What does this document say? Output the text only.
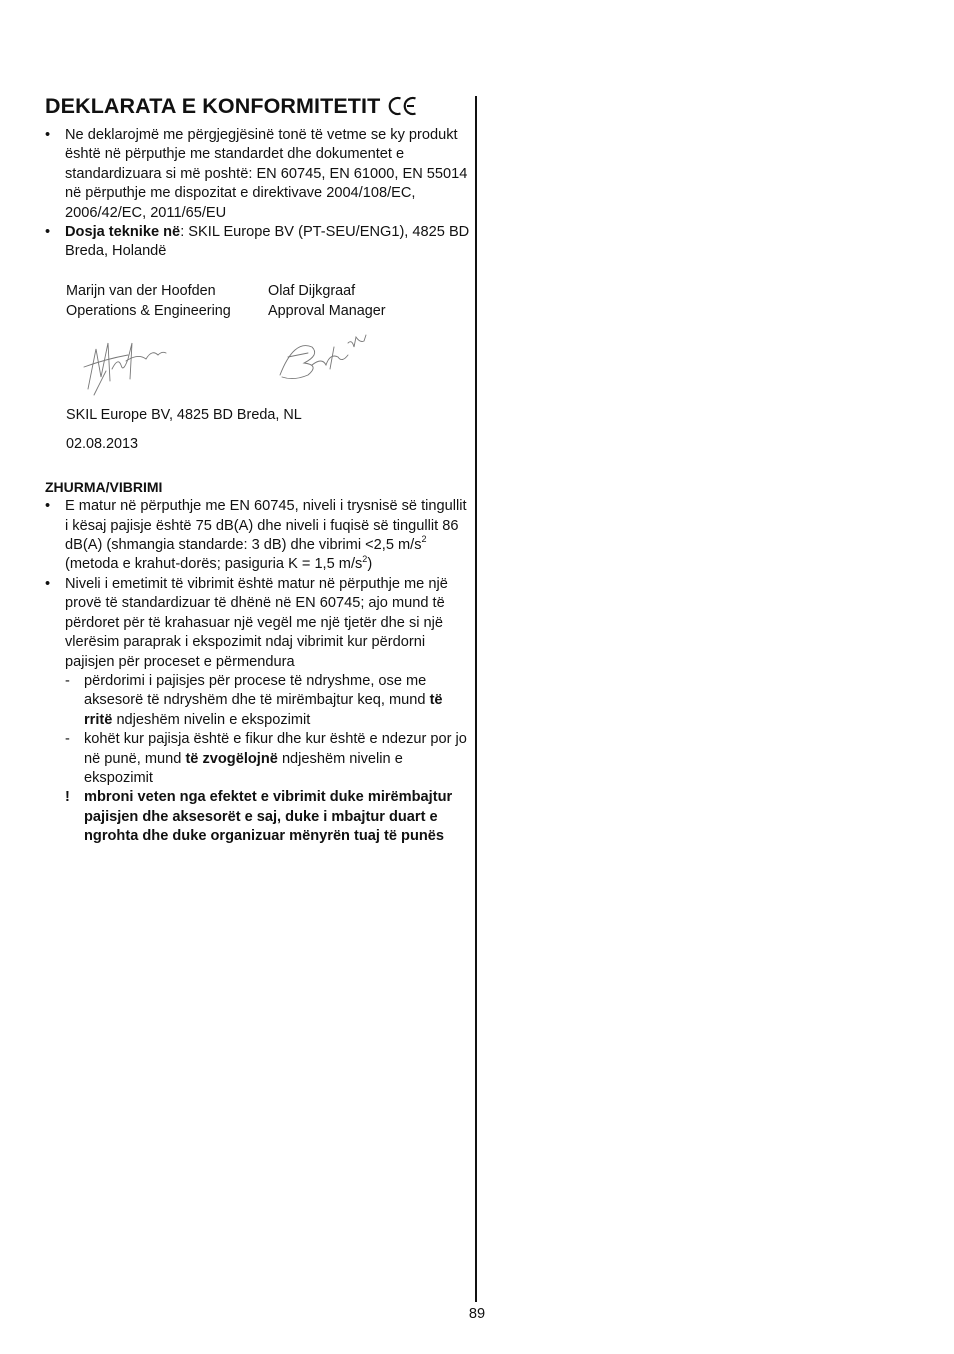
DEKLARATA E KONFORMITETIT
• Ne deklarojmë me përgjegjësinë tonë të vetme se ky produkt është në përputhje me standardet dhe dokumentet e standardizuara si më poshtë: EN 60745, EN 61000, EN 55014 në përputhje me dispozitat e direktivave 2004/108/EC, 2006/42/EC, 2011/65/EU
• Dosja teknike në: SKIL Europe BV (PT-SEU/ENG1), 4825 BD Breda, Holandë
Marijn van der Hoofden
Operations & Engineering
Olaf Dijkgraaf
Approval Manager
SKIL Europe BV, 4825 BD Breda, NL
02.08.2013
ZHURMA/VIBRIMI
• E matur në përputhje me EN 60745, niveli i trysnisë së tingullit i kësaj pajisje është 75 dB(A) dhe niveli i fuqisë së tingullit 86 dB(A) (shmangia standarde: 3 dB) dhe vibrimi <2,5 $m/s^2$ (metoda e krahut-dorës; pasiguria K = 1,5 $m/s^2$)
• Niveli i emetimit të vibrimit është matur në përputhje me një provë të standardizuar të dhënë në EN 60745; ajo mund të përdoret për të krahasuar një vegël me një tjetër dhe si një vlerësim paraprak i ekspozimit ndaj vibrimit kur përdorni pajisjen për proceset e përmendura
- përdorimi i pajisjes për procese të ndryshme, ose me aksesorë të ndryshëm dhe të mirëmbajtur keq, mund të rritë ndjeshëm nivelin e ekspozimit
- kohët kur pajisja është e fikur dhe kur është e ndezur por jo në punë, mund të zvogëlojnë ndjeshëm nivelin e ekspozimit
! mbroni veten nga efektet e vibrimit duke mirëmbajtur pajisjen dhe aksesorët e saj, duke i mbajtur duart e ngrohta dhe duke organizuar mënyrën tuaj të punës
89
